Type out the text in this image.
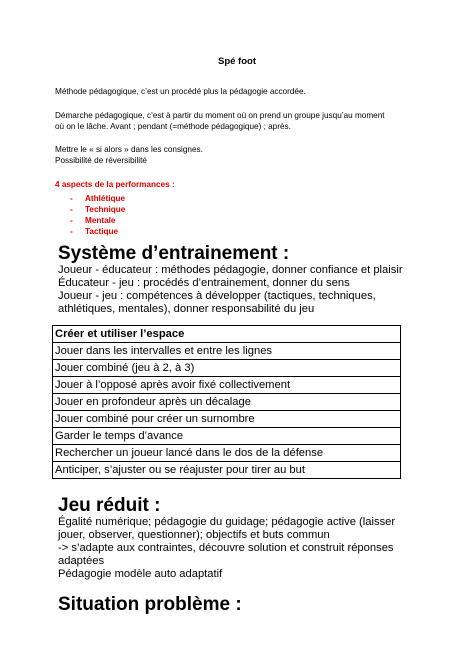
Spé foot
Méthode pédagogique, c’est un procédé plus la pédagogie accordée.
Démarche pédagogique, c’est à partir du moment où on prend un groupe jusqu’au moment
où on le lâche. Avant ; pendant (=méthode pédagogique) ; après.
Mettre le « si alors » dans les consignes.
Possibilité de réversibilité
4 aspects de la performances :
- Athlétique
- Technique
- Mentale
- Tactique
Système d’entrainement :
Joueur - éducateur : méthodes pédagogie, donner confiance et plaisir
Éducateur - jeu : procédés d’entrainement, donner du sens
Joueur - jeu : compétences à développer (tactiques, techniques,
athlétiques, mentales), donner responsabilité du jeu
Créer et utiliser l’espace
Jouer dans les intervalles et entre les lignes
Jouer combiné (jeu à 2, à 3)
Jouer à l’opposé après avoir fixé collectivement
Jouer en profondeur après un décalage
Jouer combiné pour créer un surnombre
Garder le temps d’avance
Rechercher un joueur lancé dans le dos de la défense
Anticiper, s’ajuster ou se réajuster pour tirer au but
Jeu réduit :
Égalité numérique; pédagogie du guidage; pédagogie active (laisser
jouer, observer, questionner); objectifs et buts commun
-> s’adapte aux contraintes, découvre solution et construit réponses
adaptées
Pédagogie modèle auto adaptatif
Situation problème :
